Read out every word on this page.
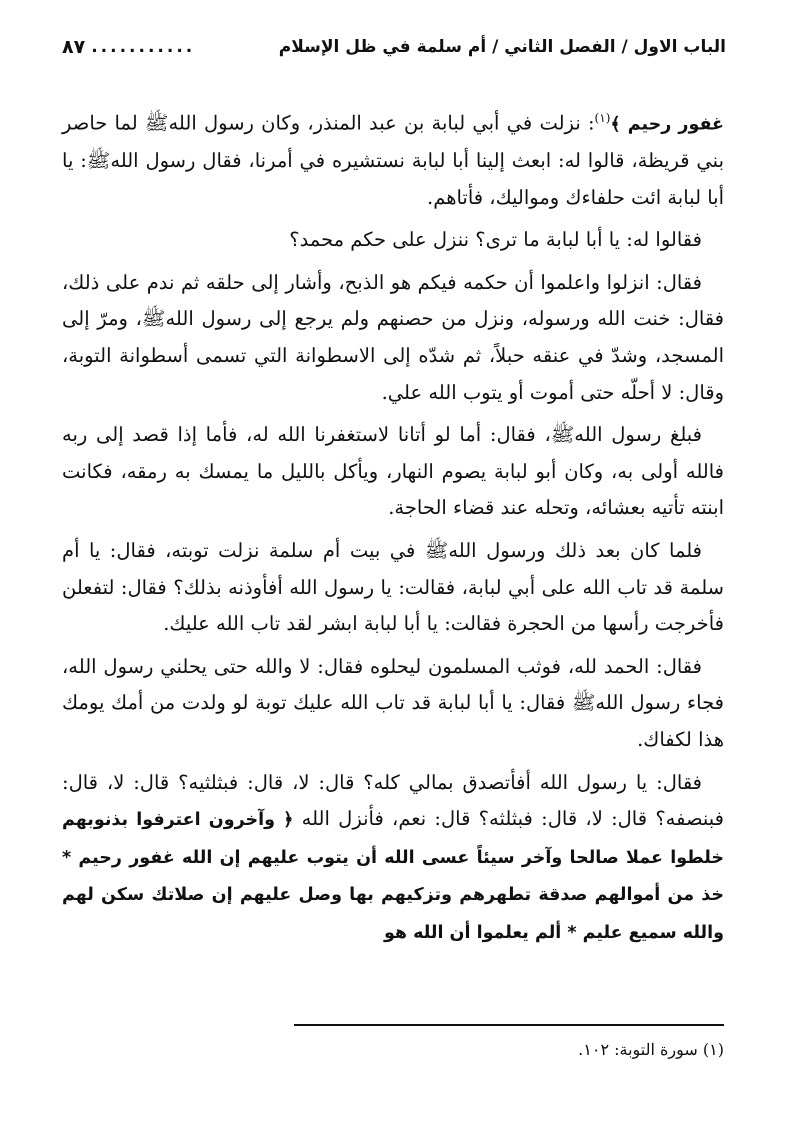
الباب الاول / الفصل الثاني / أم سلمة في ظل الإسلام
...........
٨٧

غفور رحيم ﴾$^{(١)}$: نزلت في أبي لبابة بن عبد المنذر، وكان رسول اللهﷺ لما حاصر بني قريظة، قالوا له: ابعث إلينا أبا لبابة نستشيره في أمرنا، فقال رسول اللهﷺ: يا أبا لبابة ائت حلفاءك ومواليك، فأتاهم.

فقالوا له: يا أبا لبابة ما ترى؟ ننزل على حكم محمد؟

فقال: انزلوا واعلموا أن حكمه فيكم هو الذبح، وأشار إلى حلقه ثم ندم على ذلك، فقال: خنت الله ورسوله، ونزل من حصنهم ولم يرجع إلى رسول اللهﷺ، ومرّ إلى المسجد، وشدّ في عنقه حبلاً، ثم شدّه إلى الاسطوانة التي تسمى أسطوانة التوبة، وقال: لا أحلّه حتى أموت أو يتوب الله علي.

فبلغ رسول اللهﷺ، فقال: أما لو أتانا لاستغفرنا الله له، فأما إذا قصد إلى ربه فالله أولى به، وكان أبو لبابة يصوم النهار، ويأكل بالليل ما يمسك به رمقه، فكانت ابنته تأتيه بعشائه، وتحله عند قضاء الحاجة.

فلما كان بعد ذلك ورسول اللهﷺ في بيت أم سلمة نزلت توبته، فقال: يا أم سلمة قد تاب الله على أبي لبابة، فقالت: يا رسول الله أفأوذنه بذلك؟ فقال: لتفعلن فأخرجت رأسها من الحجرة فقالت: يا أبا لبابة ابشر لقد تاب الله عليك.

فقال: الحمد لله، فوثب المسلمون ليحلوه فقال: لا والله حتى يحلني رسول الله، فجاء رسول اللهﷺ فقال: يا أبا لبابة قد تاب الله عليك توبة لو ولدت من أمك يومك هذا لكفاك.

فقال: يا رسول الله أفأتصدق بمالي كله؟ قال: لا، قال: فبثلثيه؟ قال: لا، قال: فبنصفه؟ قال: لا، قال: فبثلثه؟ قال: نعم، فأنزل الله ﴿ وآخرون اعترفوا بذنوبهم خلطوا عملا صالحا وآخر سيئاً عسى الله أن يتوب عليهم إن الله غفور رحيم * خذ من أموالهم صدقة تطهرهم وتزكيهم بها وصل عليهم إن صلاتك سكن لهم والله سميع عليم * ألم يعلموا أن الله هو

(١) سورة التوبة: ١٠٢.
